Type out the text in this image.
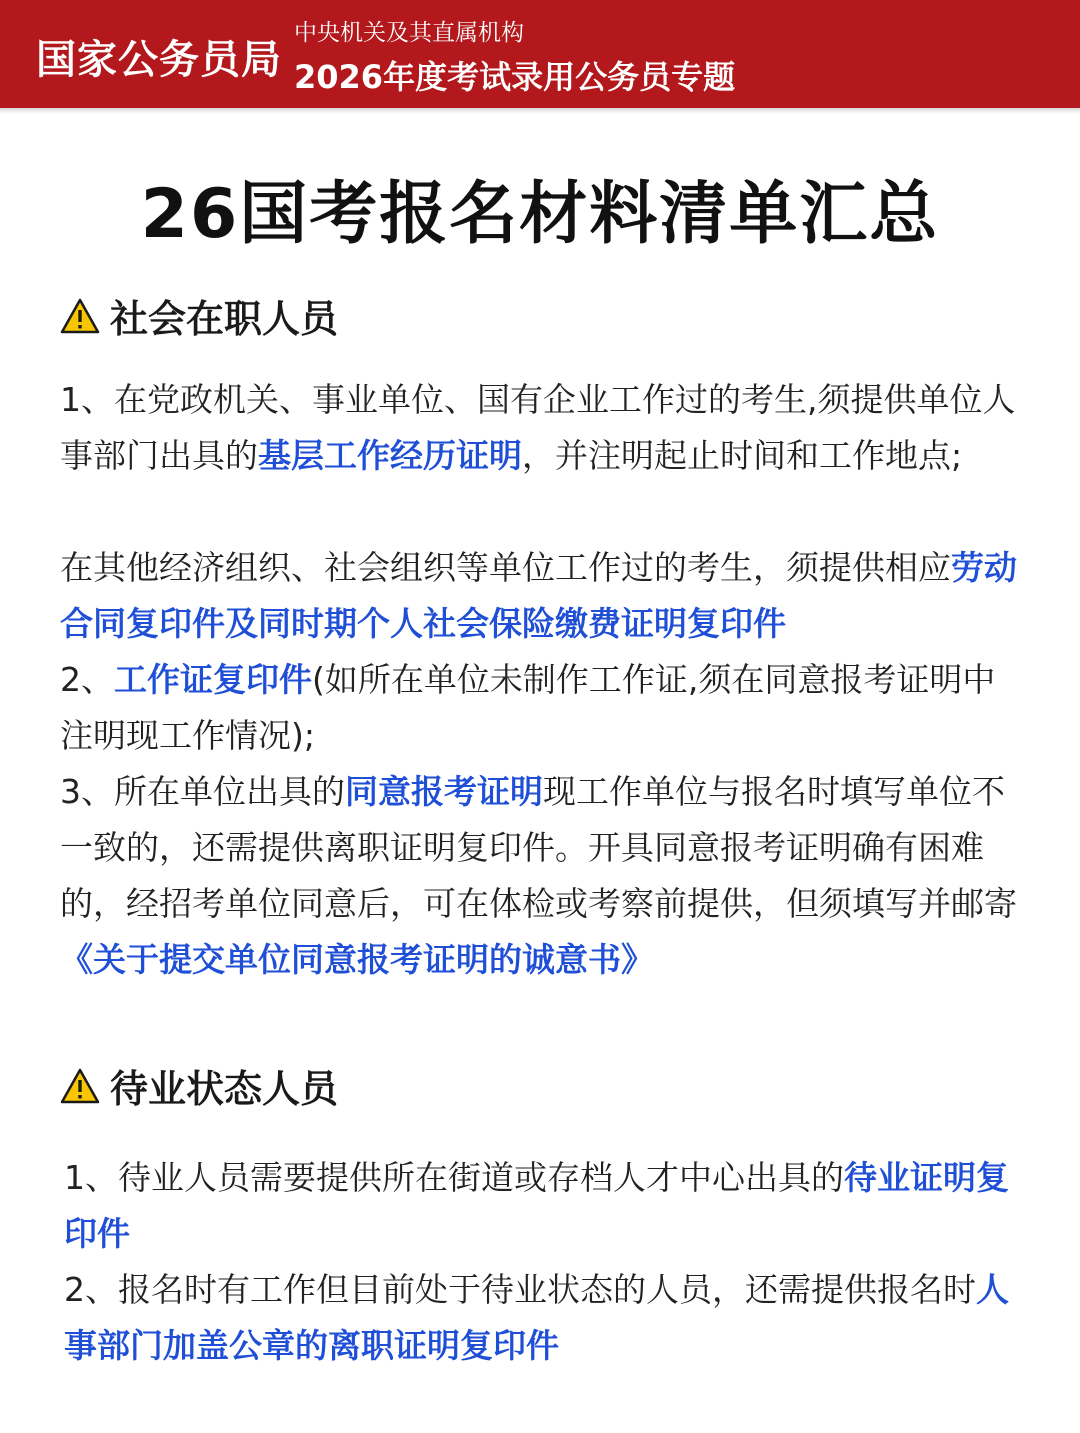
国家公务员局
中央机关及其直属机构
2026年度考试录用公务员专题
26国考报名材料清单汇总
社会在职人员

1、在党政机关、事业单位、国有企业工作过的考生,须提供单位人事部门出具的基层工作经历证明，并注明起止时间和工作地点;

在其他经济组织、社会组织等单位工作过的考生，须提供相应劳动合同复印件及同时期个人社会保险缴费证明复印件

2、工作证复印件(如所在单位未制作工作证,须在同意报考证明中注明现工作情况);

3、所在单位出具的同意报考证明现工作单位与报名时填写单位不一致的，还需提供离职证明复印件。开具同意报考证明确有困难的，经招考单位同意后，可在体检或考察前提供，但须填写并邮寄《关于提交单位同意报考证明的诚意书》

待业状态人员

1、待业人员需要提供所在街道或存档人才中心出具的待业证明复印件

2、报名时有工作但目前处于待业状态的人员，还需提供报名时人事部门加盖公章的离职证明复印件
